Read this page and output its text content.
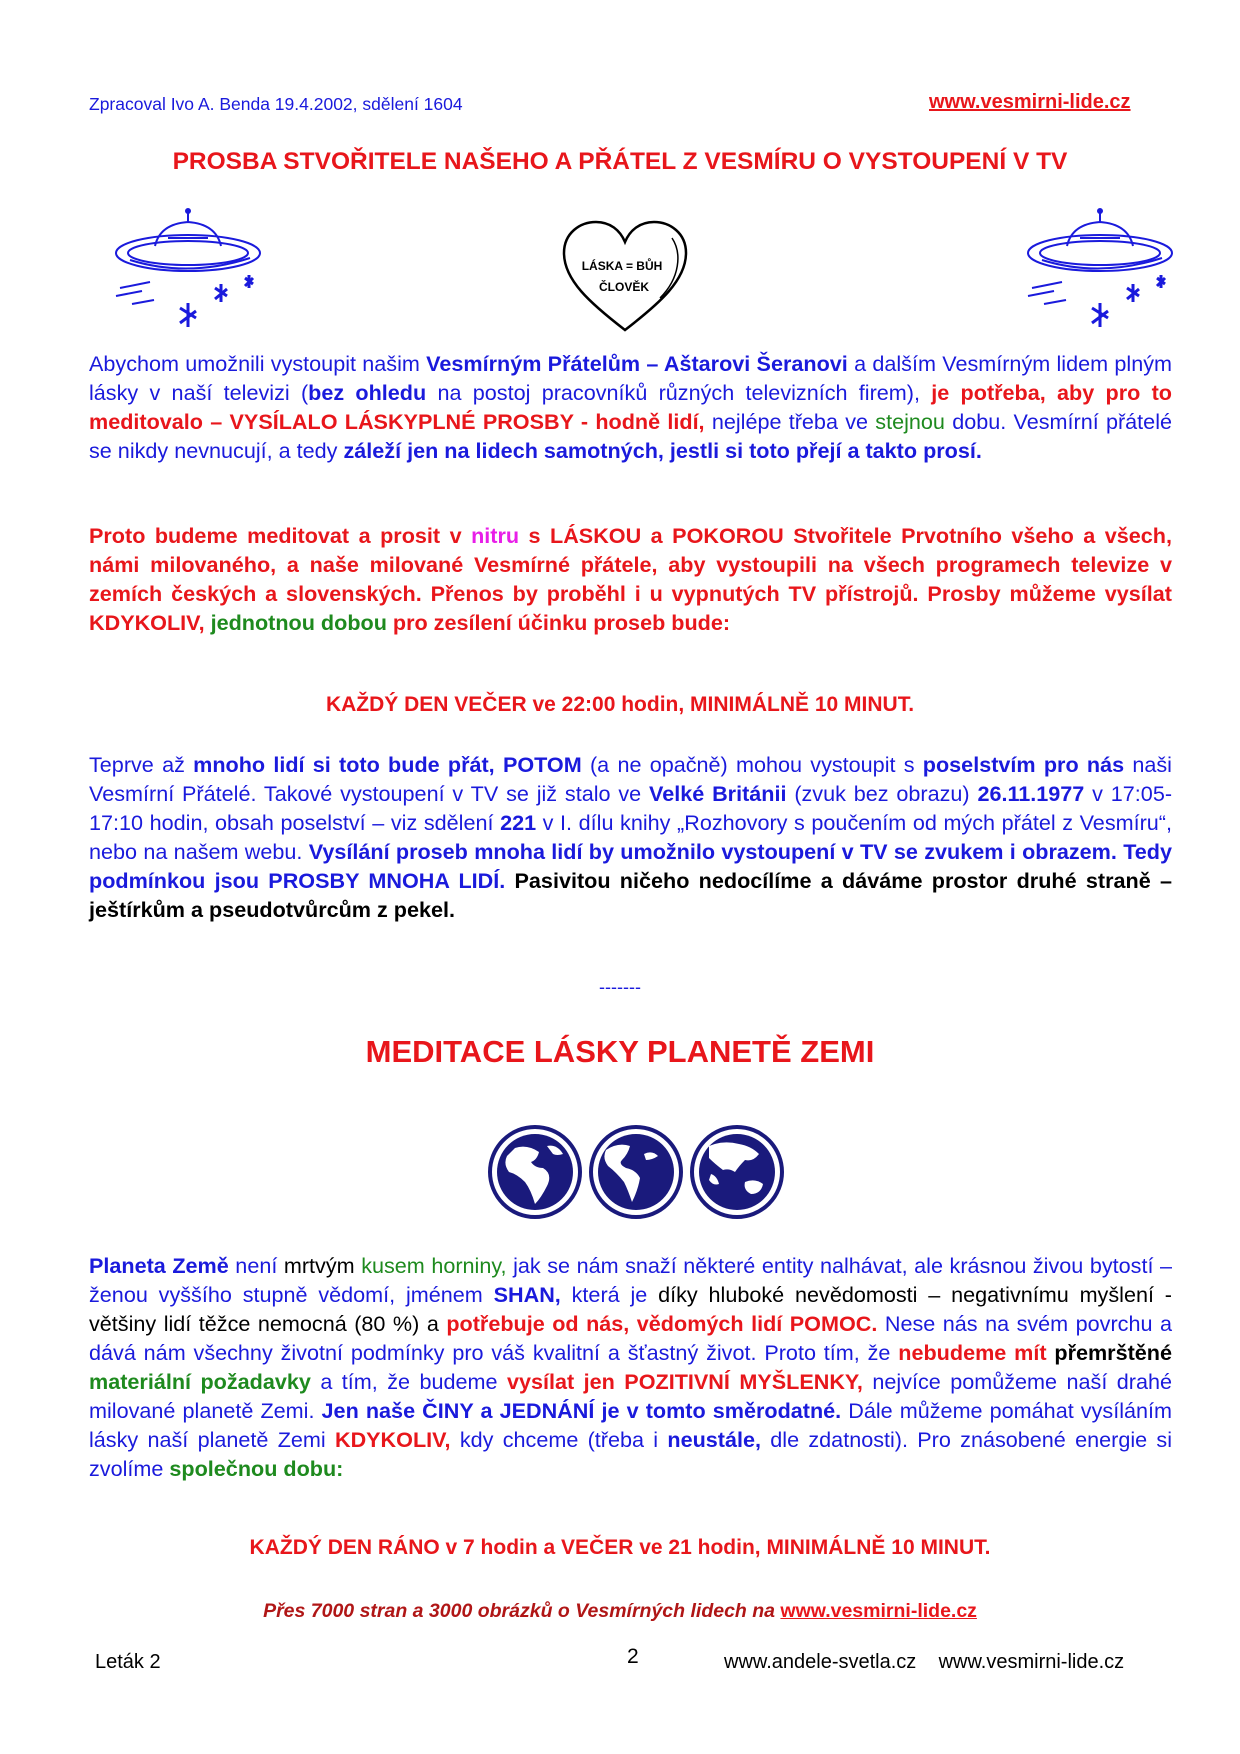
Zpracoval Ivo A. Benda 19.4.2002, sdělení 1604	www.vesmirni-lide.cz
PROSBA STVOŘITELE NAŠEHO A PŘÁTEL Z VESMÍRU O VYSTOUPENÍ V TV
LÁSKA = BŮH
ČLOVĚK
Abychom umožnili vystoupit našim Vesmírným Přátelům – Aštarovi Šeranovi a dalším Vesmírným lidem plným lásky v naší televizi (bez ohledu na postoj pracovníků různých televizních firem), je potřeba, aby pro to meditovalo – VYSÍLALO LÁSKYPLNÉ PROSBY - hodně lidí, nejlépe třeba ve stejnou dobu. Vesmírní přátelé se nikdy nevnucují, a tedy záleží jen na lidech samotných, jestli si toto přejí a takto prosí.
Proto budeme meditovat a prosit v nitru s LÁSKOU a POKOROU Stvořitele Prvotního všeho a všech, námi milovaného, a naše milované Vesmírné přátele, aby vystoupili na všech programech televize v zemích českých a slovenských. Přenos by proběhl i u vypnutých TV přístrojů. Prosby můžeme vysílat KDYKOLIV, jednotnou dobou pro zesílení účinku proseb bude:
KAŽDÝ DEN VEČER ve 22:00 hodin, MINIMÁLNĚ 10 MINUT.
Teprve až mnoho lidí si toto bude přát, POTOM (a ne opačně) mohou vystoupit s poselstvím pro nás naši Vesmírní Přátelé. Takové vystoupení v TV se již stalo ve Velké Británii (zvuk bez obrazu) 26.11.1977 v 17:05-17:10 hodin, obsah poselství – viz sdělení 221 v I. dílu knihy „Rozhovory s poučením od mých přátel z Vesmíru“, nebo na našem webu. Vysílání proseb mnoha lidí by umožnilo vystoupení v TV se zvukem i obrazem. Tedy podmínkou jsou PROSBY MNOHA LIDÍ. Pasivitou ničeho nedocílíme a dáváme prostor druhé straně – ještírkům a pseudotvůrcům z pekel.
-------
MEDITACE LÁSKY PLANETĚ ZEMI
Planeta Země není mrtvým kusem horniny, jak se nám snaží některé entity nalhávat, ale krásnou živou bytostí – ženou vyššího stupně vědomí, jménem SHAN, která je díky hluboké nevědomosti – negativnímu myšlení - většiny lidí těžce nemocná (80 %) a potřebuje od nás, vědomých lidí POMOC. Nese nás na svém povrchu a dává nám všechny životní podmínky pro váš kvalitní a šťastný život. Proto tím, že nebudeme mít přemrštěné materiální požadavky a tím, že budeme vysílat jen POZITIVNÍ MYŠLENKY, nejvíce pomůžeme naší drahé milované planetě Zemi. Jen naše ČINY a JEDNÁNÍ je v tomto směrodatné. Dále můžeme pomáhat vysíláním lásky naší planetě Zemi KDYKOLIV, kdy chceme (třeba i neustále, dle zdatnosti). Pro znásobené energie si zvolíme společnou dobu:
KAŽDÝ DEN RÁNO v 7 hodin a VEČER ve 21 hodin, MINIMÁLNĚ 10 MINUT.
Přes 7000 stran a 3000 obrázků o Vesmírných lidech na www.vesmirni-lide.cz
Leták 2	2	www.andele-svetla.cz www.vesmirni-lide.cz
